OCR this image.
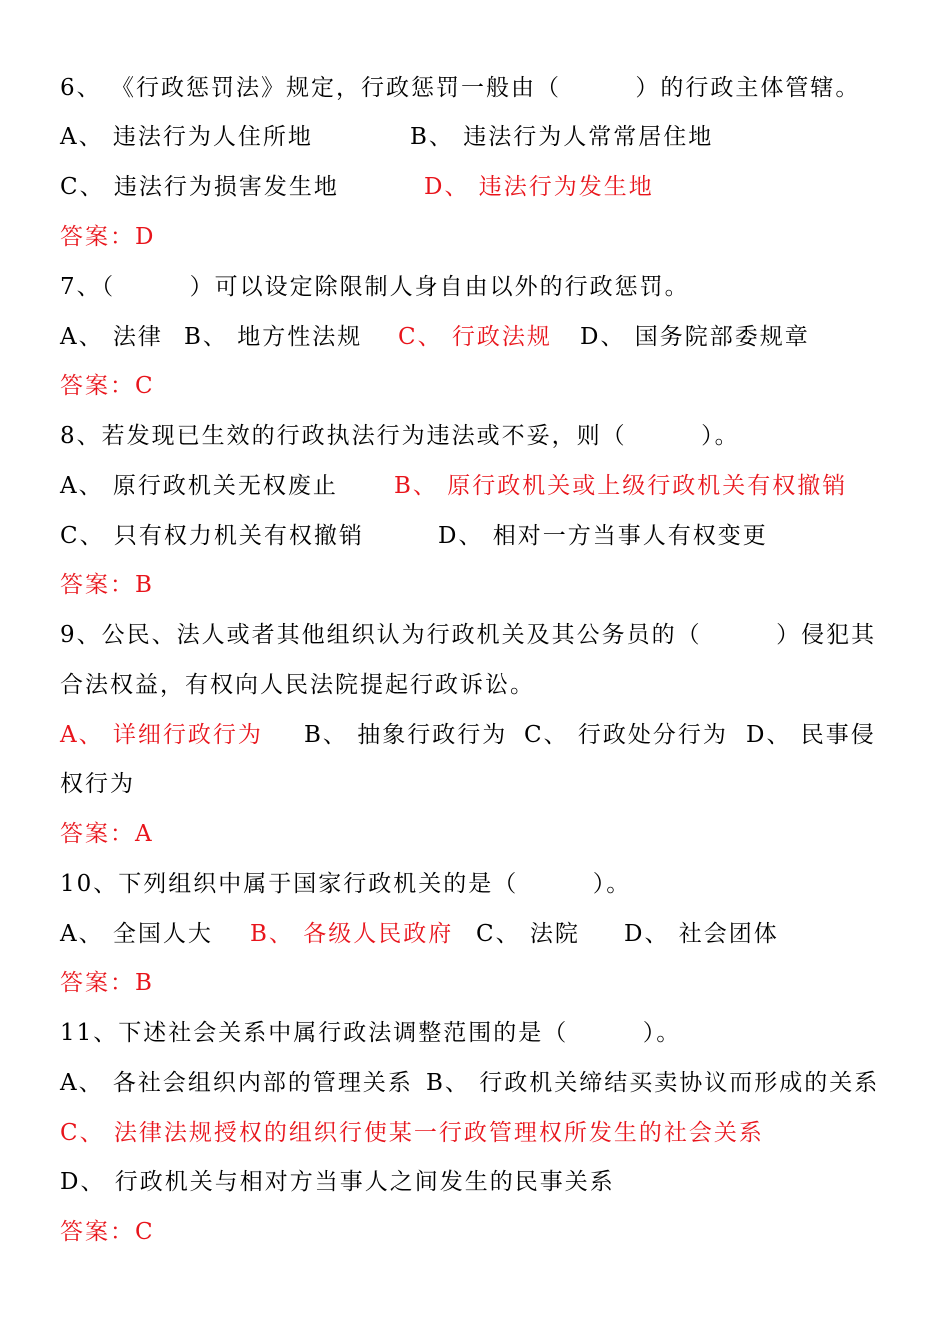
6、 《行政惩罚法》规定，行政惩罚一般由（        ）的行政主体管辖。
A、 违法行为人住所地	B、 违法行为人常常居住地
C、 违法行为损害发生地	D、 违法行为发生地
答案：D
7、（        ）可以设定除限制人身自由以外的行政惩罚。
A、 法律 B、 地方性法规 C、 行政法规 D、 国务院部委规章
答案：C
8、若发现已生效的行政执法行为违法或不妥，则（        ）。
A、 原行政机关无权废止 B、 原行政机关或上级行政机关有权撤销
C、 只有权力机关有权撤销	D、 相对一方当事人有权变更
答案：B
9、公民、法人或者其他组织认为行政机关及其公务员的（        ）侵犯其
合法权益，有权向人民法院提起行政诉讼。
A、 详细行政行为 B、 抽象行政行为 C、 行政处分行为 D、 民事侵
权行为
答案：A
10、下列组织中属于国家行政机关的是（        ）。
A、 全国人大 B、 各级人民政府 C、 法院 D、 社会团体
答案：B
11、下述社会关系中属行政法调整范围的是（        ）。
A、 各社会组织内部的管理关系 B、 行政机关缔结买卖协议而形成的关系
C、 法律法规授权的组织行使某一行政管理权所发生的社会关系
D、 行政机关与相对方当事人之间发生的民事关系
答案：C
